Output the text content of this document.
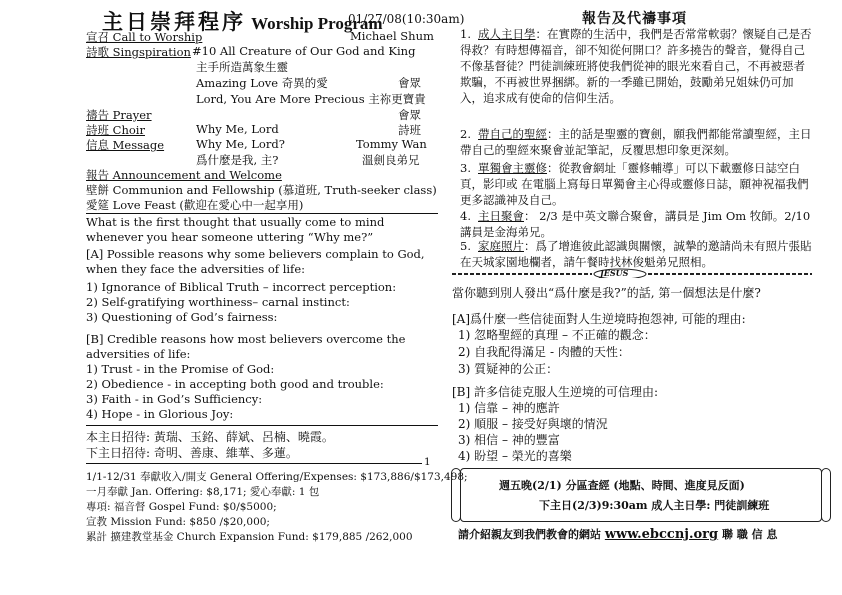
主日崇拜程序 Worship Program
01/27/08(10:30am)
宣召 Call to Worship	Michael Shum
詩歌 Singspiration #10 All Creature of Our God and King
主手所造萬象生靈
Amazing Love 奇異的愛	會眾
Lord, You Are More Precious 主祢更寶貴
禱告 Prayer	會眾
詩班 Choir	Why Me, Lord	詩班
信息 Message	Why Me, Lord?	Tommy Wan
爲什麼是我, 主?	溫劍良弟兄
報告 Announcement and Welcome
壁餅 Communion and Fellowship (慕道班, Truth-seeker class)
愛筵 Love Feast (歡迎在愛心中一起享用)
What is the first thought that usually come to mind whenever you hear someone uttering “Why me?”
[A] Possible reasons why some believers complain to God, when they face the adversities of life:
1) Ignorance of Biblical Truth – incorrect perception:
2) Self-gratifying worthiness– carnal instinct:
3) Questioning of God’s fairness:
[B] Credible reasons how most believers overcome the adversities of life:
1) Trust - in the Promise of God:
2) Obedience - in accepting both good and trouble:
3) Faith - in God’s Sufficiency:
4) Hope - in Glorious Joy:
本主日招待: 黃瑞、玉銘、薛斌、呂楠、曉霞。
下主日招待: 奇明、善康、維華、多蓮。
1
1/1-12/31 奉獻收入/開支 General Offering/Expenses: $173,886/$173,498;
一月奉獻 Jan. Offering: $8,171; 愛心奉獻: 1 包
專項: 福音督 Gospel Fund: $0/$5000;
宣教 Mission Fund: $850 /$20,000;
累計 擴建教堂基金 Church Expansion Fund: $179,885 /262,000
報告及代禱事項
1. 成人主日學：在實際的生活中，我們是否常常軟弱？懷疑自己是否得救？有時想傳福音，卻不知從何開口？許多撓告的聲音，覺得自己不像基督徒？門徒訓練班將使我們從神的眼光來看自己，不再被惡者欺騙，不再被世界捆綁。新的一季雖已開始，鼓勵弟兄姐妹仍可加入，追求成有使命的信仰生活。
2. 帶自己的聖經：主的話是聖靈的寶劍，願我們都能常讀聖經，主日帶自己的聖經來聚會並記筆記，反覆思想印象更深刻。
3. 單獨會主靈修：從教會網址「靈修輔導」可以下載靈修日誌空白頁，影印或 在電腦上寫每日單獨會主心得或靈修日誌，願神祝福我們更多認識神及自己。
4. 主日聚會： 2/3 是中英文聯合聚會，講員是 Jim Om 牧師。2/10 講員是金海弟兄。
5. 家庭照片：爲了增進彼此認識與關懷，誠摯的邀請尚未有照片張貼在天城家園地欄者，請午餐時找林俊魁弟兄照相。
JESUS
當你聽到別人發出“爲什麼是我?”的話, 第一個想法是什麼?
[A]爲什麼一些信徒面對人生逆境時抱怨神, 可能的理由:
1) 忽略聖經的真理 – 不正確的觀念：
2) 自我配得滿足 - 肉體的天性：
3) 質疑神的公正：
[B] 許多信徒克服人生逆境的可信理由:
1) 信靠 – 神的應許
2) 順服 – 接受好與壞的情況
3) 相信 – 神的豐富
4) 盼望 – 榮光的喜樂
週五晚(2/1) 分區查經 (地點、時間、進度見反面)
下主日(2/3)9:30am 成人主日學: 門徒訓練班
請介紹親友到我們教會的網站 www.ebccnj.org 聯 職 信 息
